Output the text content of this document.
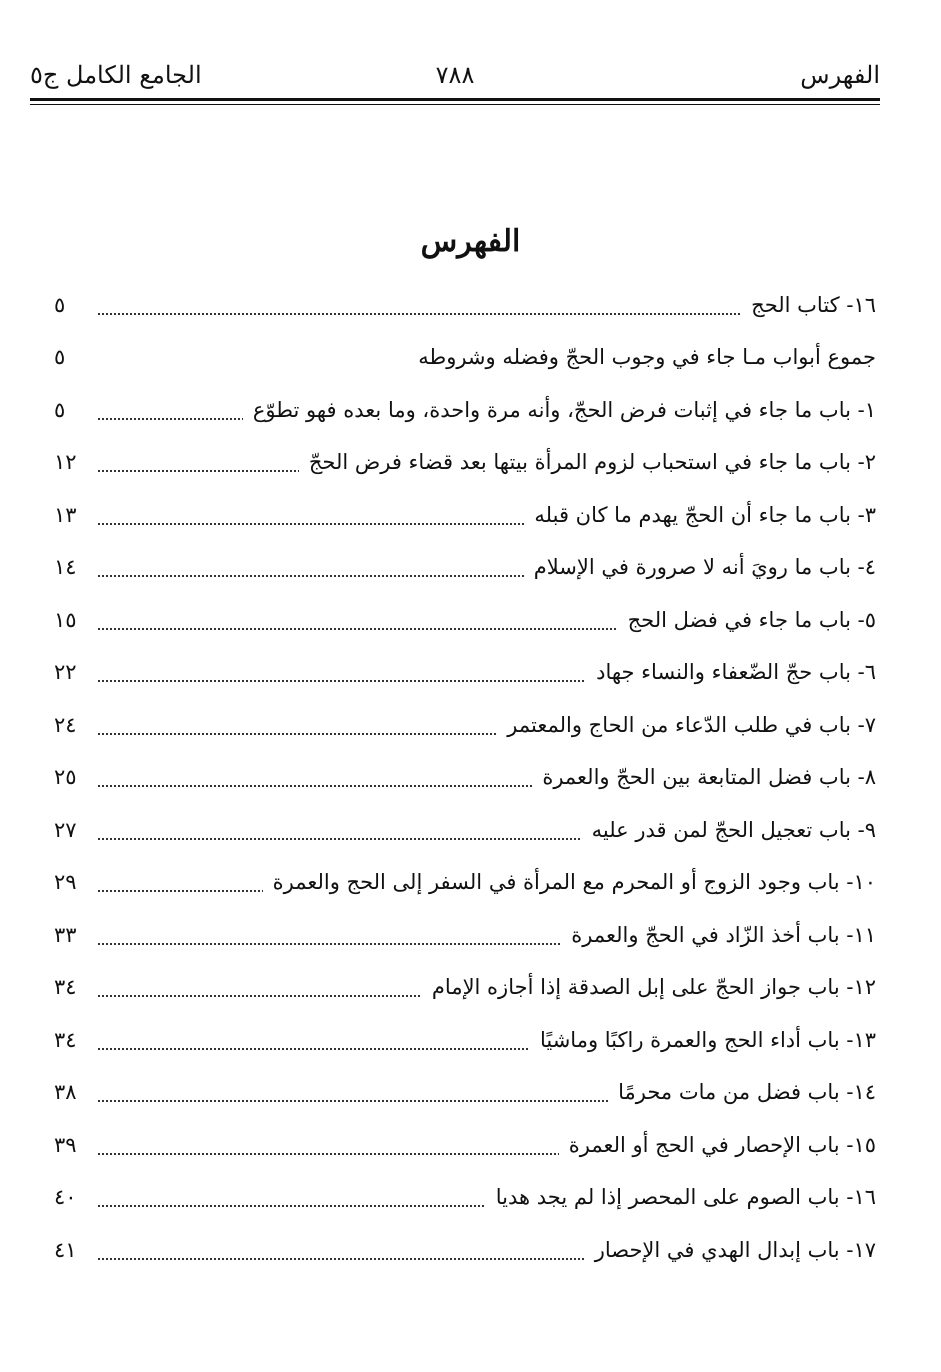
الفهرس
٧٨٨
الجامع الكامل ج٥
الفهرس
١٦- كتاب الحج
٥
جموع أبواب مـا جاء في وجوب الحجّ وفضله وشروطه
٥
١- باب ما جاء في إثبات فرض الحجّ، وأنه مرة واحدة، وما بعده فهو تطوّع
٥
٢- باب ما جاء في استحباب لزوم المرأة بيتها بعد قضاء فرض الحجّ
١٢
٣- باب ما جاء أن الحجّ يهدم ما كان قبله
١٣
٤- باب ما رويَ أنه لا صرورة في الإسلام
١٤
٥- باب ما جاء في فضل الحج
١٥
٦- باب حجّ الضّعفاء والنساء جهاد
٢٢
٧- باب في طلب الدّعاء من الحاج والمعتمر
٢٤
٨- باب فضل المتابعة بين الحجّ والعمرة
٢٥
٩- باب تعجيل الحجّ لمن قدر عليه
٢٧
١٠- باب وجود الزوج أو المحرم مع المرأة في السفر إلى الحج والعمرة
٢٩
١١- باب أخذ الزّاد في الحجّ والعمرة
٣٣
١٢- باب جواز الحجّ على إبل الصدقة إذا أجازه الإمام
٣٤
١٣- باب أداء الحج والعمرة راكبًا وماشيًا
٣٤
١٤- باب فضل من مات محرمًا
٣٨
١٥- باب الإحصار في الحج أو العمرة
٣٩
١٦- باب الصوم على المحصر إذا لم يجد هديا
٤٠
١٧- باب إبدال الهدي في الإحصار
٤١
